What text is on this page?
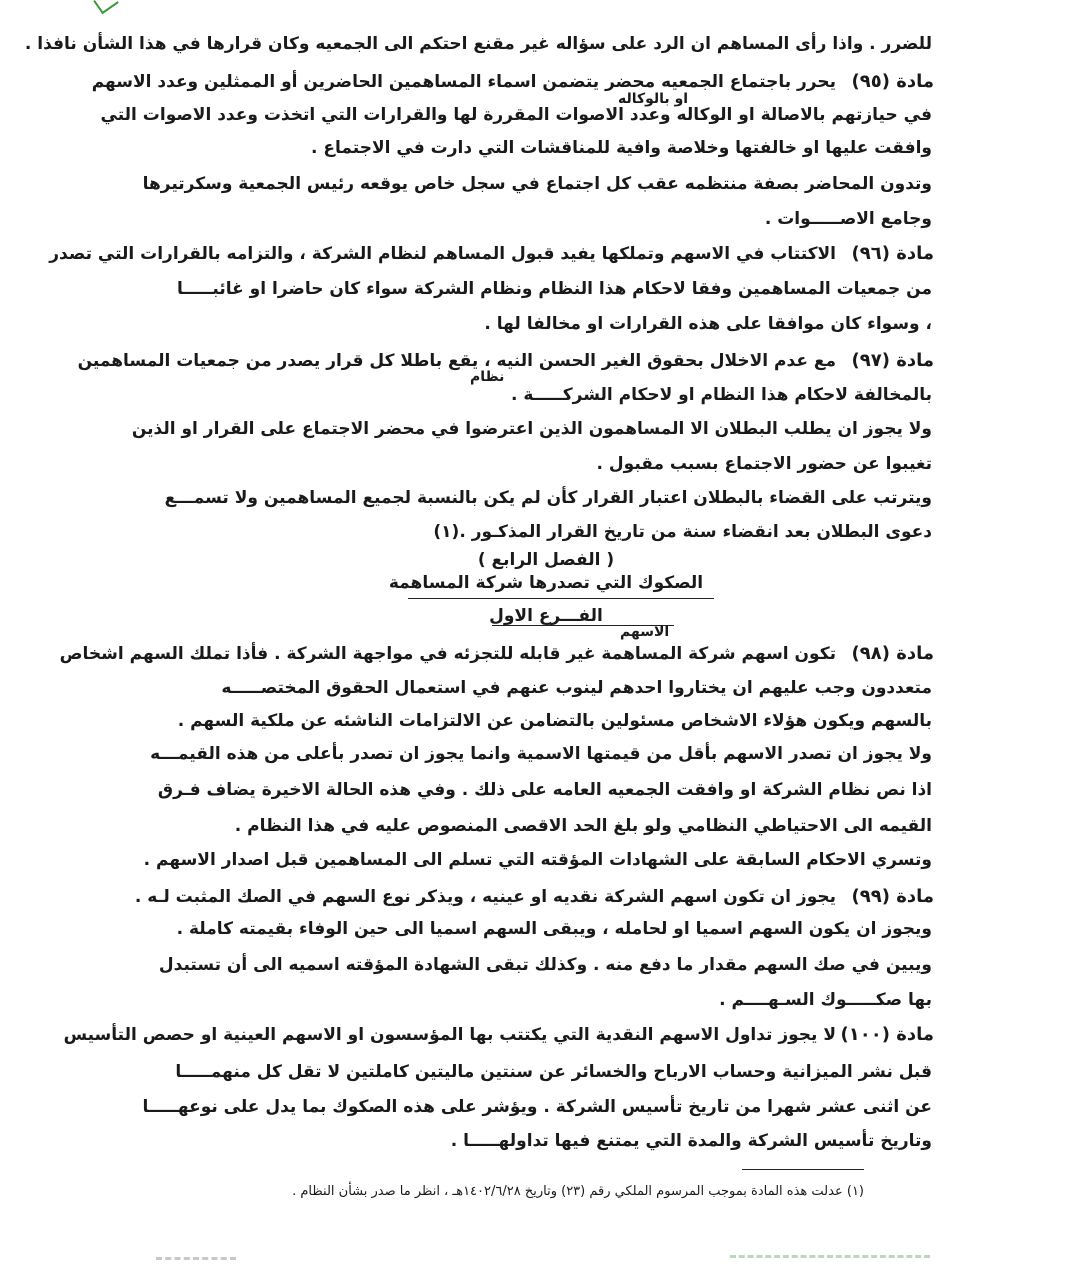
للضرر . واذا رأى المساهم ان الرد على سؤاله غير مقنع احتكم الى الجمعيه وكان قرارها في هذا الشأن نافذا .
مادة (٩٥)
يحرر باجتماع الجمعيه محضر يتضمن اسماء المساهمين الحاضرين أو الممثلين وعدد الاسهم
او بالوكاله
في حيازتهم بالاصالة او الوكاله وعدد الاصوات المقررة لها والقرارات التي اتخذت وعدد الاصوات التي
وافقت عليها او خالفتها وخلاصة وافية للمناقشات التي دارت في الاجتماع .
وتدون المحاضر بصفة منتظمه عقب كل اجتماع في سجل خاص يوقعه رئيس الجمعية وسكرتيرها
وجامع الاصـــــوات .
مادة (٩٦)
الاكتتاب في الاسهم وتملكها يفيد قبول المساهم لنظام الشركة ، والتزامه بالقرارات التي تصدر
من جمعيات المساهمين وفقا لاحكام هذا النظام ونظام الشركة سواء كان حاضرا او غائبـــــا
، وسواء كان موافقا على هذه القرارات او مخالفا لها .
مادة (٩٧)
مع عدم الاخلال بحقوق الغير الحسن النيه ، يقع باطلا كل قرار يصدر من جمعيات المساهمين
نظام
بالمخالفة لاحكام هذا النظام او لاحكام الشركـــــة .
ولا يجوز ان يطلب البطلان الا المساهمون الذين اعترضوا في محضر الاجتماع على القرار او الذين
تغيبوا عن حضور الاجتماع بسبب مقبول .
ويترتب على القضاء بالبطلان اعتبار القرار كأن لم يكن بالنسبة لجميع المساهمين ولا تسمـــع
دعوى البطلان بعد انقضاء سنة من تاريخ القرار المذكـور .(١)
( الفصل الرابع )
الصكوك التي تصدرها شركة المساهمة
الفـــرع الاول
الاسهم
مادة (٩٨)
تكون اسهم شركة المساهمة غير قابله للتجزئه في مواجهة الشركة . فأذا تملك السهم اشخاص
متعددون وجب عليهم ان يختاروا احدهم لينوب عنهم في استعمال الحقوق المختصـــــه
بالسهم ويكون هؤلاء الاشخاص مسئولين بالتضامن عن الالتزامات الناشئه عن ملكية السهم .
ولا يجوز ان تصدر الاسهم بأقل من قيمتها الاسمية وانما يجوز ان تصدر بأعلى من هذه القيمـــه
اذا نص نظام الشركة او وافقت الجمعيه العامه على ذلك . وفي هذه الحالة الاخيرة يضاف فـرق
القيمه الى الاحتياطي النظامي ولو بلغ الحد الاقصى المنصوص عليه في هذا النظام .
وتسري الاحكام السابقة على الشهادات المؤقته التي تسلم الى المساهمين قبل اصدار الاسهم .
مادة (٩٩)
يجوز ان تكون اسهم الشركة نقديه او عينيه ، ويذكر نوع السهم في الصك المثبت لـه .
ويجوز ان يكون السهم اسميا او لحامله ، ويبقى السهم اسميا الى حين الوفاء بقيمته كاملة .
ويبين في صك السهم مقدار ما دفع منه . وكذلك تبقى الشهادة المؤقته اسميه الى أن تستبدل
بها صكـــــوك السـهــــم .
مادة (١٠٠)
لا يجوز تداول الاسهم النقدية التي يكتتب بها المؤسسون او الاسهم العينية او حصص التأسيس
قبل نشر الميزانية وحساب الارباح والخسائر عن سنتين ماليتين كاملتين لا تقل كل منهمـــــا
عن اثنى عشر شهرا من تاريخ تأسيس الشركة . ويؤشر على هذه الصكوك بما يدل على نوعهـــــا
وتاريخ تأسيس الشركة والمدة التي يمتنع فيها تداولهـــــا .
(١) عدلت هذه المادة بموجب المرسوم الملكي رقم (٢٣) وتاريخ ١٤٠٢/٦/٢٨هـ ، انظر ما صدر بشأن النظام .
